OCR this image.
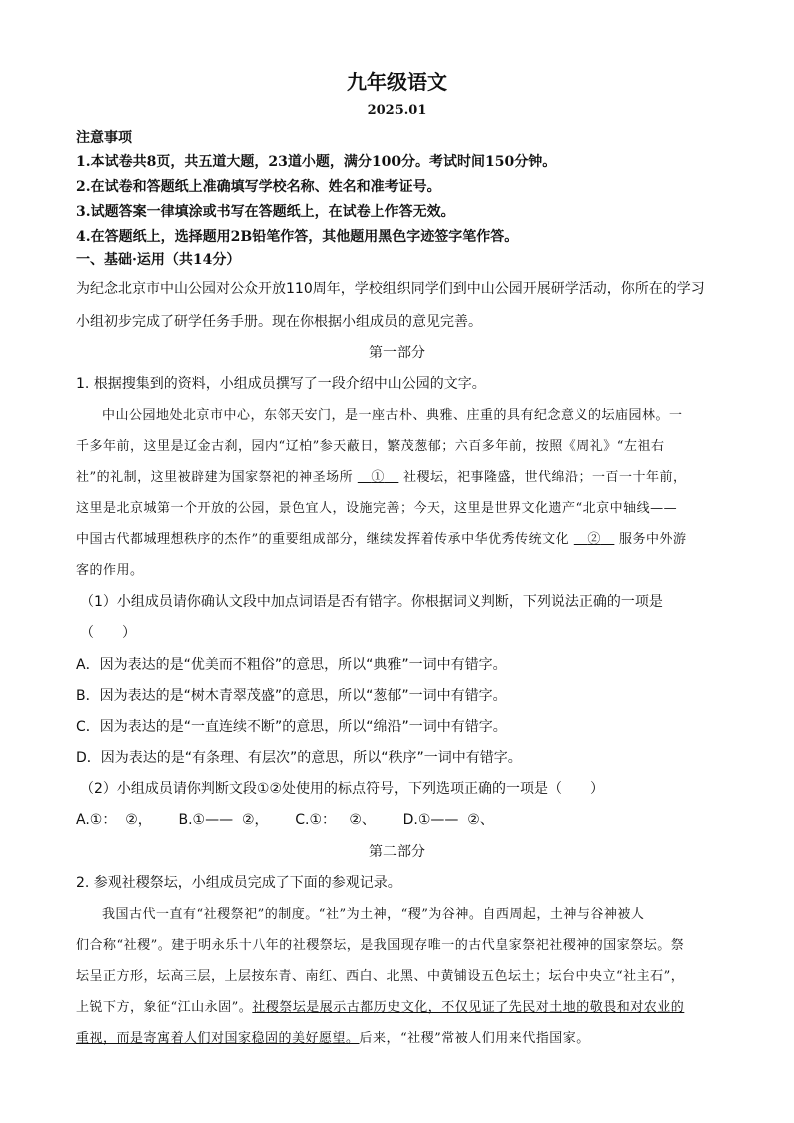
九年级语文
2025.01
注意事项
1.本试卷共8页，共五道大题，23道小题，满分100分。考试时间150分钟。
2.在试卷和答题纸上准确填写学校名称、姓名和准考证号。
3.试题答案一律填涂或书写在答题纸上，在试卷上作答无效。
4.在答题纸上，选择题用2B铅笔作答，其他题用黑色字迹签字笔作答。
一、基础·运用（共14分）
为纪念北京市中山公园对公众开放110周年，学校组织同学们到中山公园开展研学活动，你所在的学习
小组初步完成了研学任务手册。现在你根据小组成员的意见完善。
第一部分
1. 根据搜集到的资料，小组成员撰写了一段介绍中山公园的文字。
中山公园地处北京市中心，东邻天安门，是一座古朴、典雅、庄重的具有纪念意义的坛庙园林。一
千多年前，这里是辽金古刹，园内“辽柏”参天蔽日，繁茂葱郁；六百多年前，按照《周礼》“左祖右
社”的礼制，这里被辟建为国家祭祀的神圣场所 　 ①　 社稷坛，祀事隆盛，世代绵沿；一百一十年前，
这里是北京城第一个开放的公园，景色宜人，设施完善；今天，这里是世界文化遗产“北京中轴线——
中国古代都城理想秩序的杰作”的重要组成部分，继续发挥着传承中华优秀传统文化 　 ②　 服务中外游
客的作用。
（1）小组成员请你确认文段中加点词语是否有错字。你根据词义判断，下列说法正确的一项是
（　　）
A．因为表达的是“优美而不粗俗”的意思，所以“典雅”一词中有错字。
B．因为表达的是“树木青翠茂盛”的意思，所以“葱郁”一词中有错字。
C．因为表达的是“一直连续不断”的意思，所以“绵沿”一词中有错字。
D．因为表达的是“有条理、有层次”的意思，所以“秩序”一词中有错字。
（2）小组成员请你判断文段①②处使用的标点符号，下列选项正确的一项是（　　）
A.①：  ②，      B.①——  ②，      C.①：   ②、      D.①——  ②、
第二部分
2. 参观社稷祭坛，小组成员完成了下面的参观记录。
我国古代一直有“社稷祭祀”的制度。“社”为土神，“稷”为谷神。自西周起，土神与谷神被人
们合称“社稷”。建于明永乐十八年的社稷祭坛，是我国现存唯一的古代皇家祭祀社稷神的国家祭坛。祭
坛呈正方形，坛高三层，上层按东青、南红、西白、北黑、中黄铺设五色坛土；坛台中央立“社主石”，
上锐下方，象征“江山永固”。社稷祭坛是展示古都历史文化，不仅见证了先民对土地的敬畏和对农业的
重视，而是寄寓着人们对国家稳固的美好愿望。后来，“社稷”常被人们用来代指国家。
